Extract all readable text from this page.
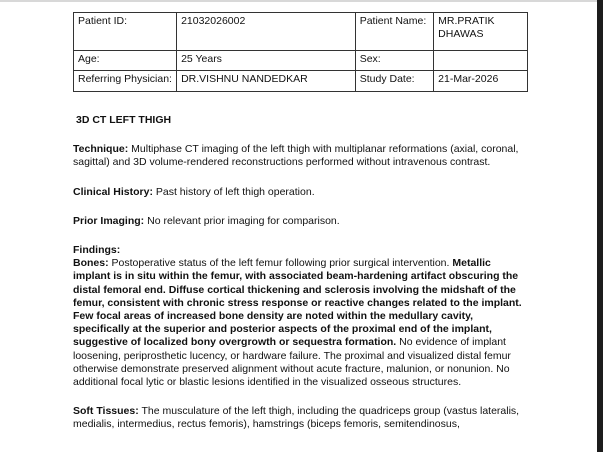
Patient ID:	21032026002	Patient Name:	MR.PRATIK DHAWAS
Age:	25 Years	Sex:	
Referring Physician:	DR.VISHNU NANDEDKAR	Study Date:	21-Mar-2026

3D CT LEFT THIGH

Technique: Multiphase CT imaging of the left thigh with multiplanar reformations (axial, coronal, sagittal) and 3D volume-rendered reconstructions performed without intravenous contrast.

Clinical History: Past history of left thigh operation.

Prior Imaging: No relevant prior imaging for comparison.

Findings:

Bones: Postoperative status of the left femur following prior surgical intervention. Metallic implant is in situ within the femur, with associated beam-hardening artifact obscuring the distal femoral end. Diffuse cortical thickening and sclerosis involving the midshaft of the femur, consistent with chronic stress response or reactive changes related to the implant. Few focal areas of increased bone density are noted within the medullary cavity, specifically at the superior and posterior aspects of the proximal end of the implant, suggestive of localized bony overgrowth or sequestra formation. No evidence of implant loosening, periprosthetic lucency, or hardware failure. The proximal and visualized distal femur otherwise demonstrate preserved alignment without acute fracture, malunion, or nonunion. No additional focal lytic or blastic lesions identified in the visualized osseous structures.

Soft Tissues: The musculature of the left thigh, including the quadriceps group (vastus lateralis, medialis, intermedius, rectus femoris), hamstrings (biceps femoris, semitendinosus,
